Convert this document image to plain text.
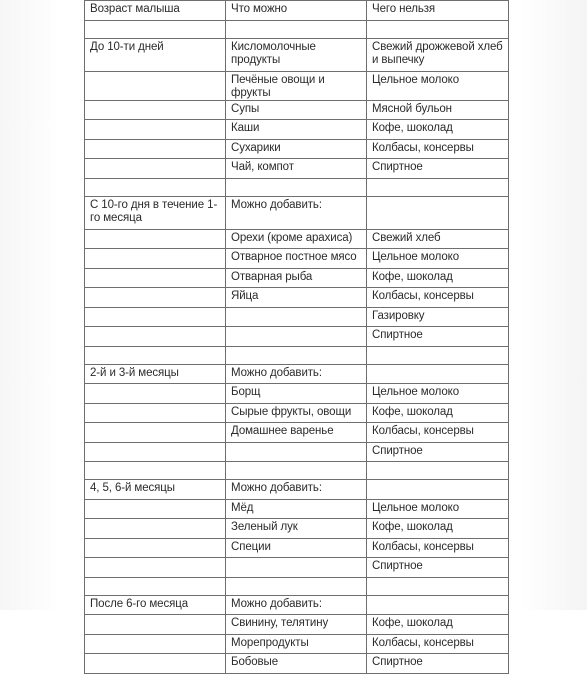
Возраст малыша	Что можно	Чего нельзя

До 10-ти дней	Кисломолочные продукты	Свежий дрожжевой хлеб и выпечку
	Печёные овощи и фрукты	Цельное молоко
	Супы	Мясной бульон
	Каши	Кофе, шоколад
	Сухарики	Колбасы, консервы
	Чай, компот	Спиртное

С 10-го дня в течение 1-го месяца	Можно добавить:	
	Орехи (кроме арахиса)	Свежий хлеб
	Отварное постное мясо	Цельное молоко
	Отварная рыба	Кофе, шоколад
	Яйца	Колбасы, консервы
		Газировку
		Спиртное

2-й и 3-й месяцы	Можно добавить:	
	Борщ	Цельное молоко
	Сырые фрукты, овощи	Кофе, шоколад
	Домашнее варенье	Колбасы, консервы
		Спиртное

4, 5, 6-й месяцы	Можно добавить:	
	Мёд	Цельное молоко
	Зеленый лук	Кофе, шоколад
	Специи	Колбасы, консервы
		Спиртное

После 6-го месяца	Можно добавить:	
	Свинину, телятину	Кофе, шоколад
	Морепродукты	Колбасы, консервы
	Бобовые	Спиртное
